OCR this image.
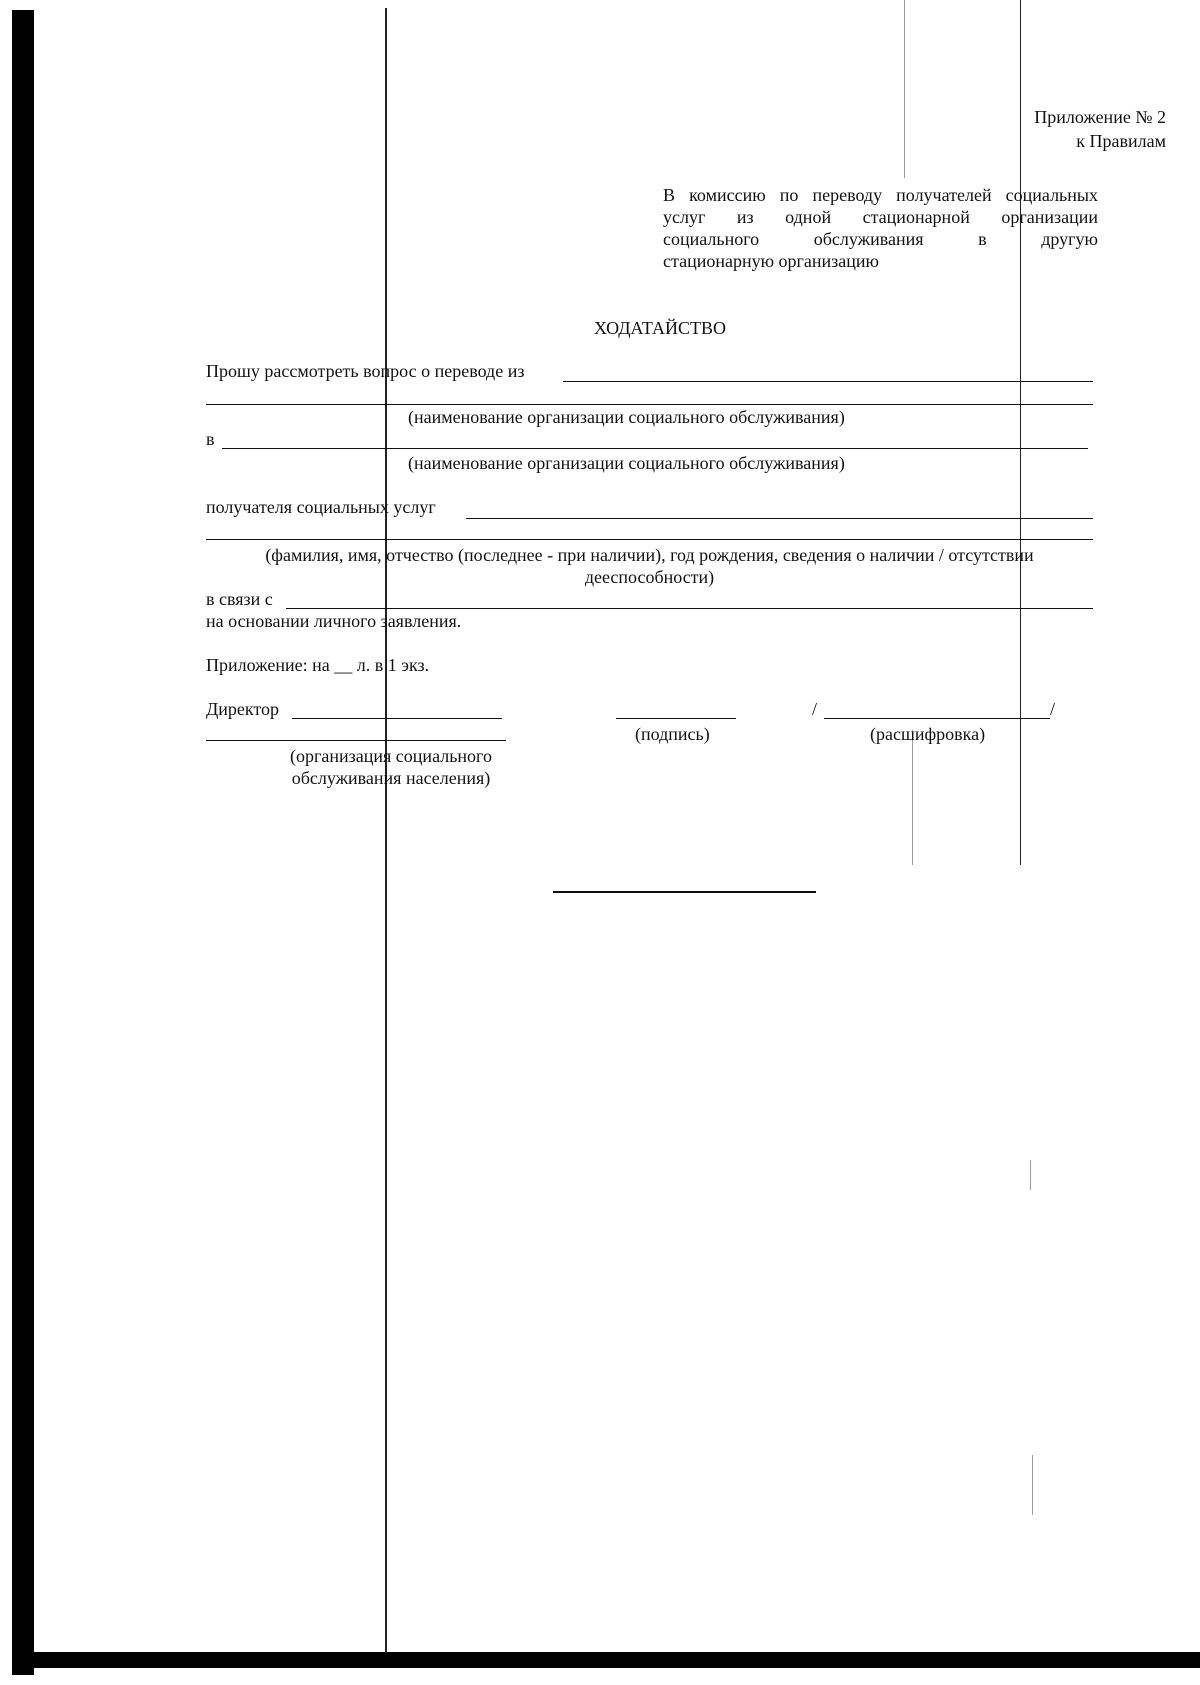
Приложение № 2
к Правилам
В комиссию по переводу получателей социальных
услуг из одной стационарной организации
социального обслуживания в другую
стационарную организацию
ХОДАТАЙСТВО
Прошу рассмотреть вопрос о переводе из
(наименование организации социального обслуживания)
в
(наименование организации социального обслуживания)
получателя социальных услуг
(фамилия, имя, отчество (последнее - при наличии), год рождения, сведения о наличии / отсутствии
дееспособности)
в связи с
на основании личного заявления.
Приложение: на __ л. в 1 экз.
Директор	/	/
(подпись)	(расшифровка)
(организация социального
обслуживания населения)
